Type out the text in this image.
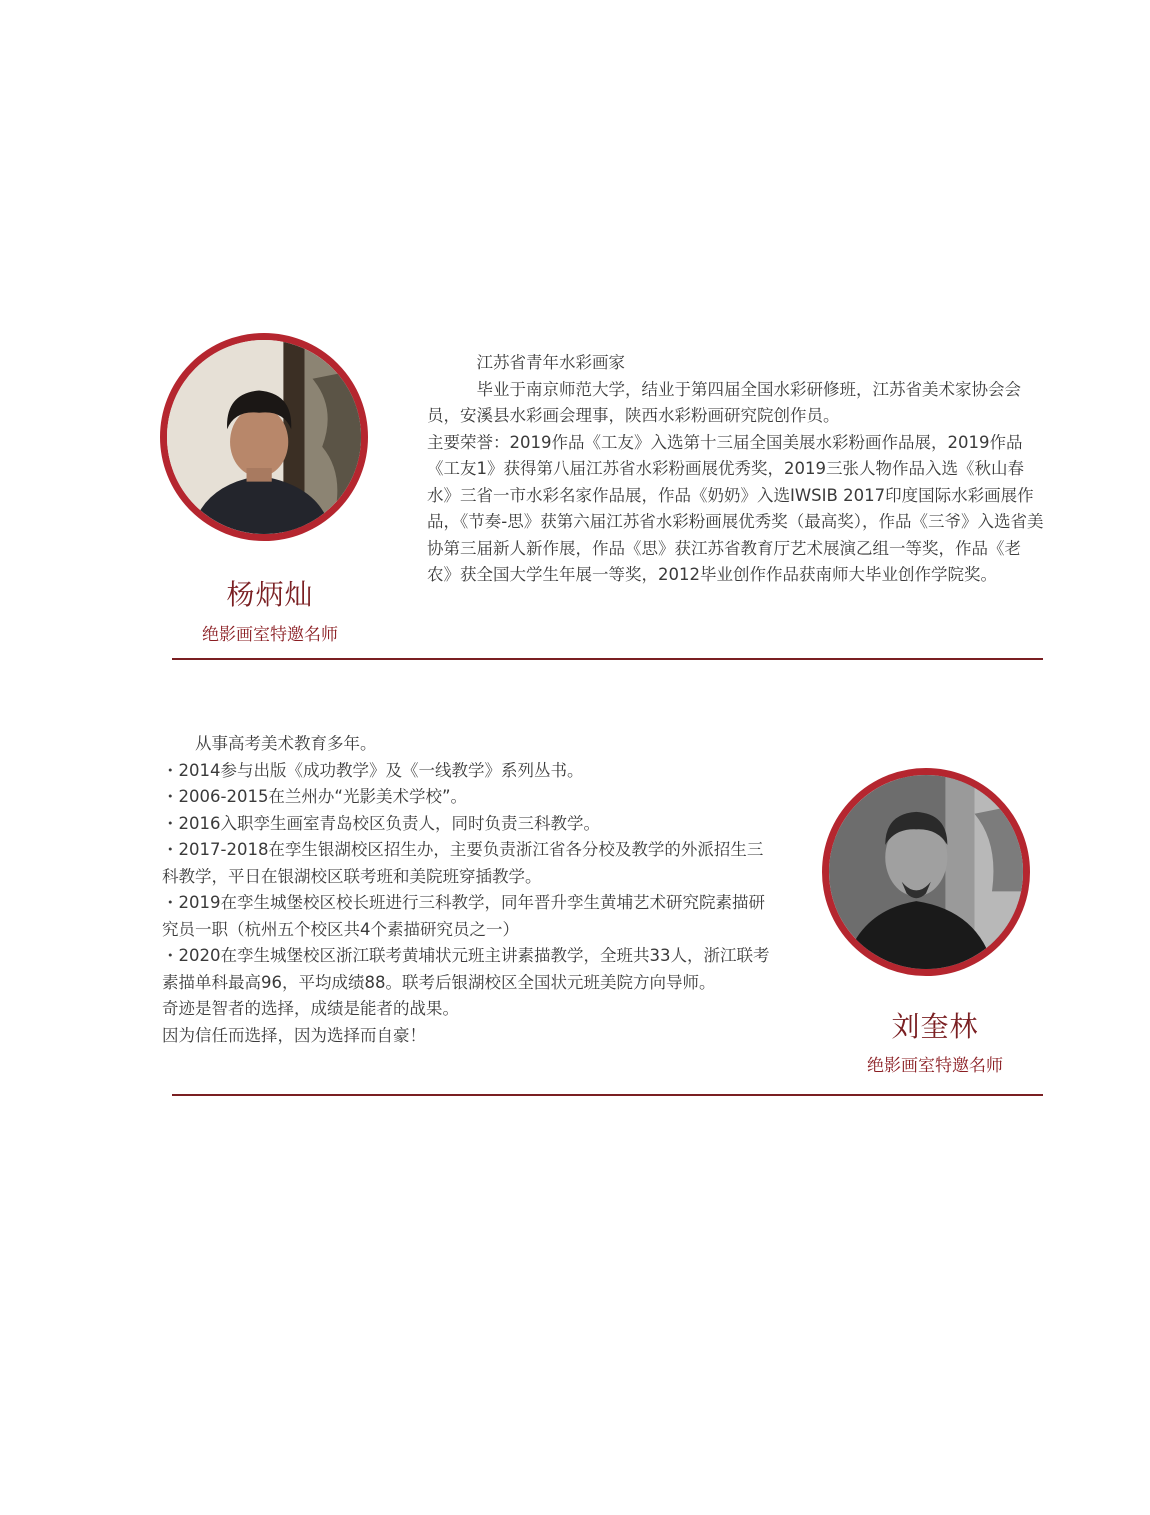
杨炳灿
绝影画室特邀名师

　　　江苏省青年水彩画家

　　　毕业于南京师范大学，结业于第四届全国水彩研修班，江苏省美术家协会会员，安溪县水彩画会理事，陕西水彩粉画研究院创作员。

主要荣誉：2019作品《工友》入选第十三届全国美展水彩粉画作品展，2019作品《工友1》获得第八届江苏省水彩粉画展优秀奖，2019三张人物作品入选《秋山春水》三省一市水彩名家作品展，作品《奶奶》入选IWSIB 2017印度国际水彩画展作品，《节奏-思》获第六届江苏省水彩粉画展优秀奖（最高奖），作品《三爷》入选省美协第三届新人新作展，作品《思》获江苏省教育厅艺术展演乙组一等奖，作品《老农》获全国大学生年展一等奖，2012毕业创作作品获南师大毕业创作学院奖。

　　从事高考美术教育多年。

・2014参与出版《成功教学》及《一线教学》系列丛书。

・2006-2015在兰州办“光影美术学校”。

・2016入职孪生画室青岛校区负责人，同时负责三科教学。

・2017-2018在孪生银湖校区招生办，主要负责浙江省各分校及教学的外派招生三科教学，平日在银湖校区联考班和美院班穿插教学。

・2019在孪生城堡校区校长班进行三科教学，同年晋升孪生黄埔艺术研究院素描研究员一职（杭州五个校区共4个素描研究员之一）

・2020在孪生城堡校区浙江联考黄埔状元班主讲素描教学，全班共33人，浙江联考素描单科最高96，平均成绩88。联考后银湖校区全国状元班美院方向导师。

奇迹是智者的选择，成绩是能者的战果。

因为信任而选择，因为选择而自豪！	刘奎林
绝影画室特邀名师
